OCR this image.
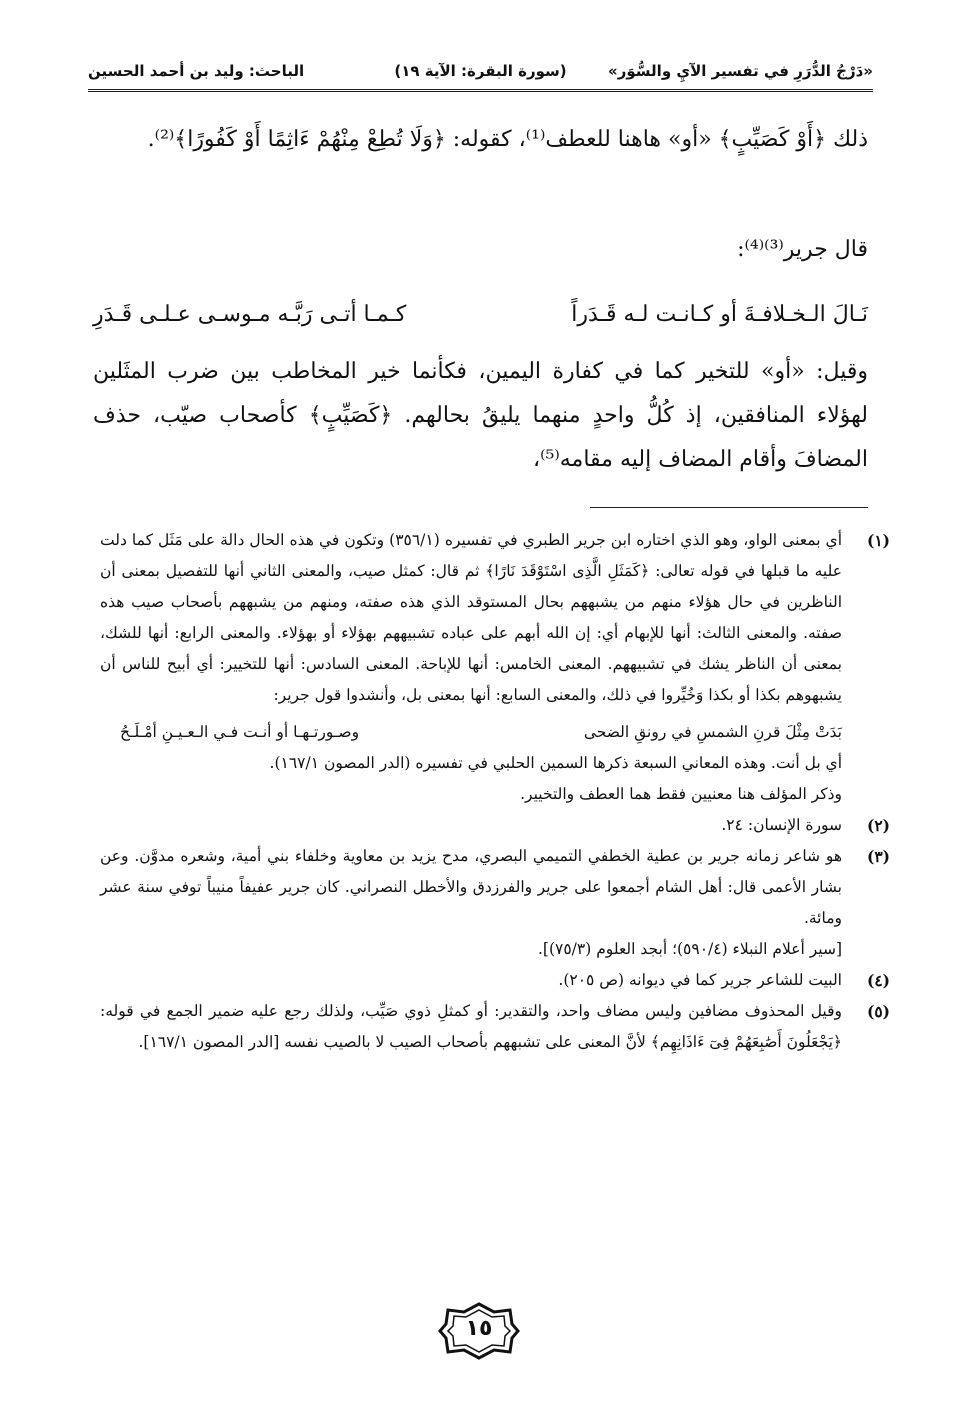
«دَرْجُ الدُّرَرِ في تفسير الآيِ والسُّوَر»
(سورة البقرة: الآية ١٩)
الباحث: وليد بن أحمد الحسين
ذلك ﴿أَوْ كَصَيِّبٍ﴾ «أو» هاهنا للعطف⁽¹⁾، كقوله: ﴿وَلَا تُطِعْ مِنْهُمْ ءَاثِمًا أَوْ كَفُورًا﴾⁽²⁾.
قال جرير⁽³⁾⁽⁴⁾:
نَـالَ الـخـلافـةَ أو كـانـت لـه قَـدَراً
كـمـا أتـى رَبَّـه مـوسـى عـلـى قَـدَرِ
وقيل: «أو» للتخير كما في كفارة اليمين، فكأنما خير المخاطب بين ضرب المثَلين لهؤلاء المنافقين، إذ كُلُّ واحدٍ منهما يليقُ بحالهم. ﴿كَصَيِّبٍ﴾ كأصحاب صيّب، حذف المضافَ وأقام المضاف إليه مقامه⁽⁵⁾،
(١)

أي بمعنى الواو، وهو الذي اختاره ابن جرير الطبري في تفسيره (٣٥٦/١) وتكون في هذه الحال دالة على مَثَل كما دلت عليه ما قبلها في قوله تعالى: ﴿كَمَثَلِ الَّذِى اسْتَوْقَدَ نَارًا﴾ ثم قال: كمثل صيب، والمعنى الثاني أنها للتفصيل بمعنى أن الناظرين في حال هؤلاء منهم من يشبههم بحال المستوقد الذي هذه صفته، ومنهم من يشبههم بأصحاب صيب هذه صفته. والمعنى الثالث: أنها للإبهام أي: إن الله أبهم على عباده تشبيههم بهؤلاء أو بهؤلاء. والمعنى الرابع: أنها للشك، بمعنى أن الناظر يشك في تشبيههم. المعنى الخامس: أنها للإباحة. المعنى السادس: أنها للتخيير: أي أبيح للناس أن يشبهوهم بكذا أو بكذا وَخُيِّروا في ذلك، والمعنى السابع: أنها بمعنى بل، وأنشدوا قول جرير:

بَدَتْ مِثْلَ قرنِ الشمسِ في رونقِ الضحى
وصـورتـهـا أو أنـت فـي الـعـيـنِ أمْـلَـحُ

أي بل أنت. وهذه المعاني السبعة ذكرها السمين الحلبي في تفسيره (الدر المصون ١٦٧/١).

وذكر المؤلف هنا معنيين فقط هما العطف والتخيير.

(٢)

سورة الإنسان: ٢٤.

(٣)

هو شاعر زمانه جرير بن عطية الخطفي التميمي البصري، مدح يزيد بن معاوية وخلفاء بني أمية، وشعره مدوَّن. وعن بشار الأعمى قال: أهل الشام أجمعوا على جرير والفرزدق والأخطل النصراني. كان جرير عفيفاً منيباً توفي سنة عشر ومائة.

[سير أعلام النبلاء (٥٩٠/٤)؛ أبجد العلوم (٧٥/٣)].

(٤)

البيت للشاعر جرير كما في ديوانه (ص ٢٠٥).

(٥)

وقيل المحذوف مضافين وليس مضاف واحد، والتقدير: أو كمثلِ ذوي صَيِّب، ولذلك رجع عليه ضمير الجمع في قوله: ﴿يَجْعَلُونَ أَصَٰبِعَهُمْ فِىٓ ءَاذَانِهِم﴾ لأنَّ المعنى على تشبههم بأصحاب الصيب لا بالصيب نفسه [الدر المصون ١٦٧/١].

١٥
